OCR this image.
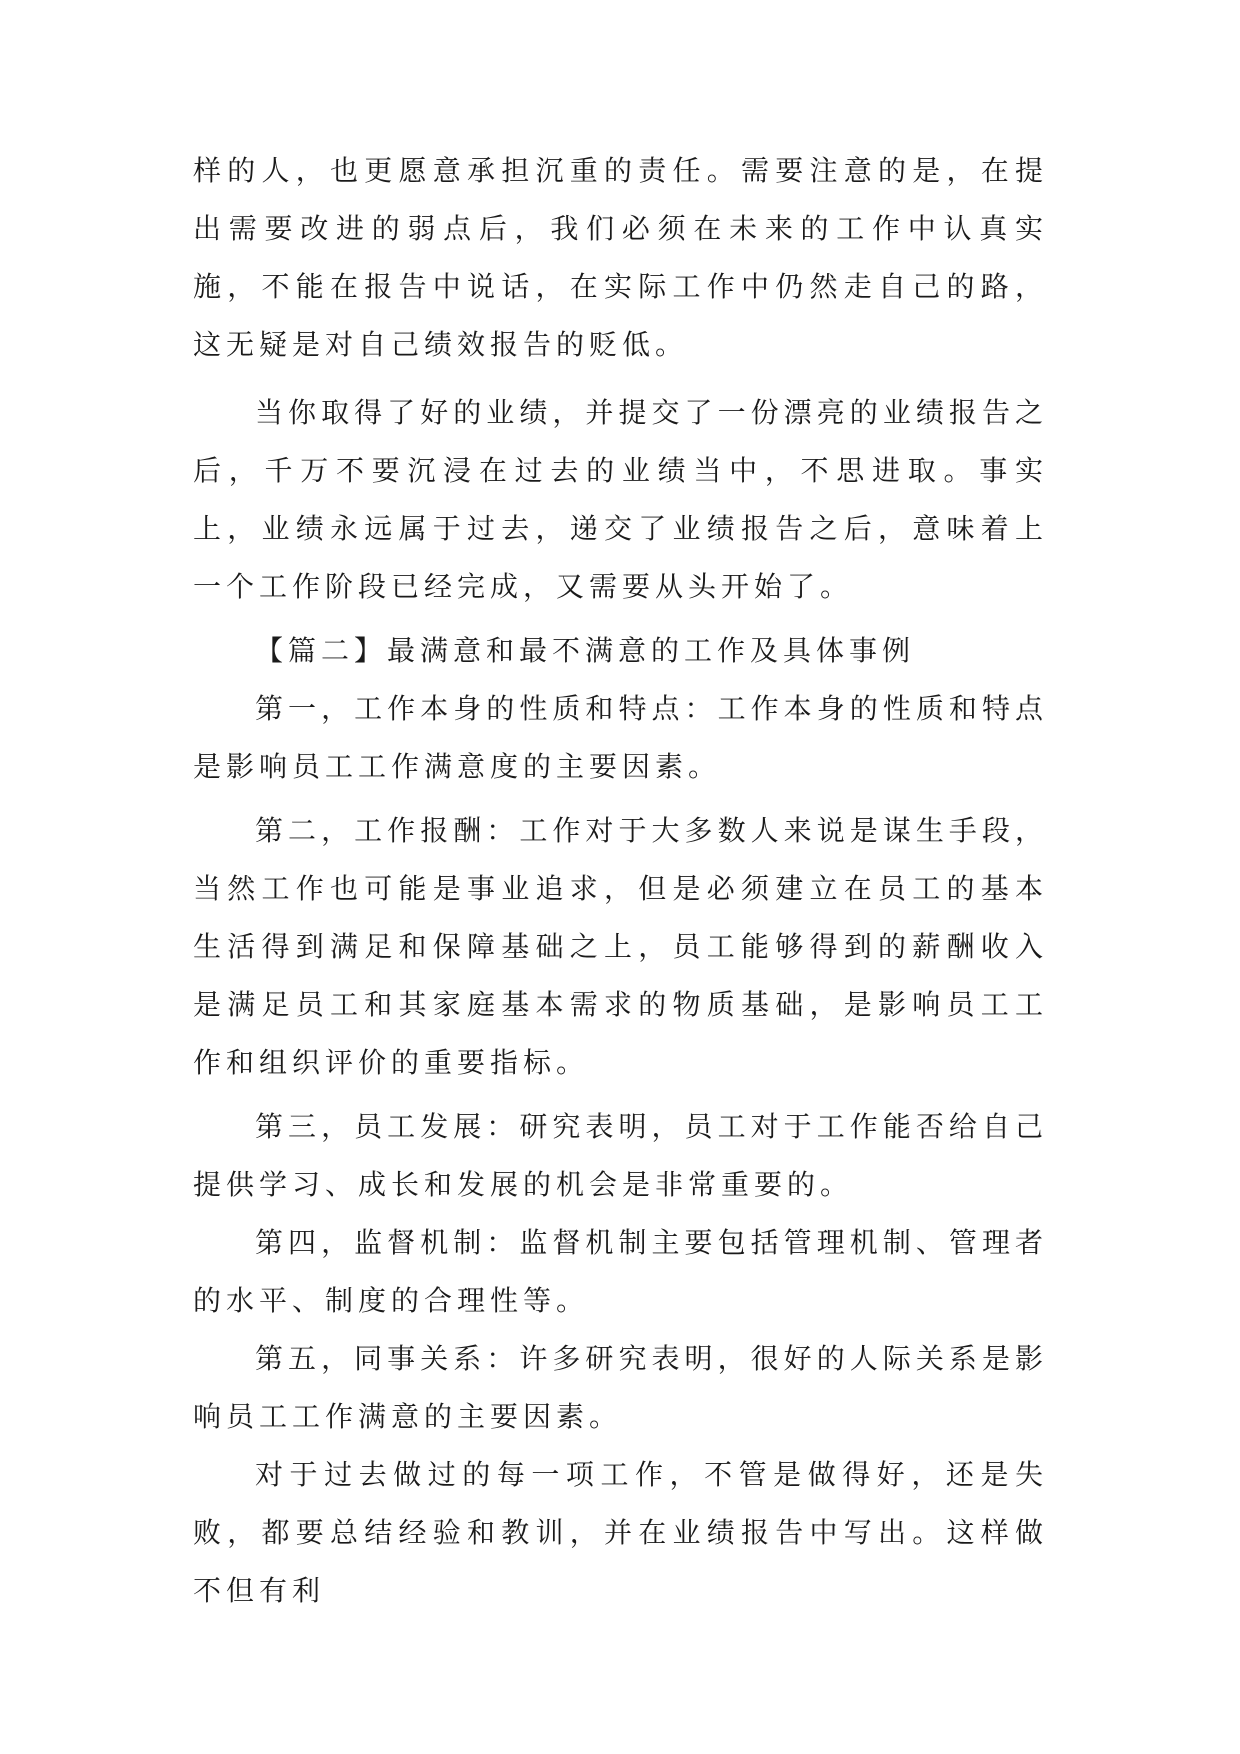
样的人，也更愿意承担沉重的责任。需要注意的是，在提出需要改进的弱点后，我们必须在未来的工作中认真实施，不能在报告中说话，在实际工作中仍然走自己的路，这无疑是对自己绩效报告的贬低。

当你取得了好的业绩，并提交了一份漂亮的业绩报告之后，千万不要沉浸在过去的业绩当中，不思进取。事实上，业绩永远属于过去，递交了业绩报告之后，意味着上一个工作阶段已经完成，又需要从头开始了。

【篇二】最满意和最不满意的工作及具体事例

第一，工作本身的性质和特点：工作本身的性质和特点是影响员工工作满意度的主要因素。

第二，工作报酬：工作对于大多数人来说是谋生手段，当然工作也可能是事业追求，但是必须建立在员工的基本生活得到满足和保障基础之上，员工能够得到的薪酬收入是满足员工和其家庭基本需求的物质基础，是影响员工工作和组织评价的重要指标。

第三，员工发展：研究表明，员工对于工作能否给自己提供学习、成长和发展的机会是非常重要的。

第四，监督机制：监督机制主要包括管理机制、管理者的水平、制度的合理性等。

第五，同事关系：许多研究表明，很好的人际关系是影响员工工作满意的主要因素。

对于过去做过的每一项工作，不管是做得好，还是失败，都要总结经验和教训，并在业绩报告中写出。这样做不但有利
